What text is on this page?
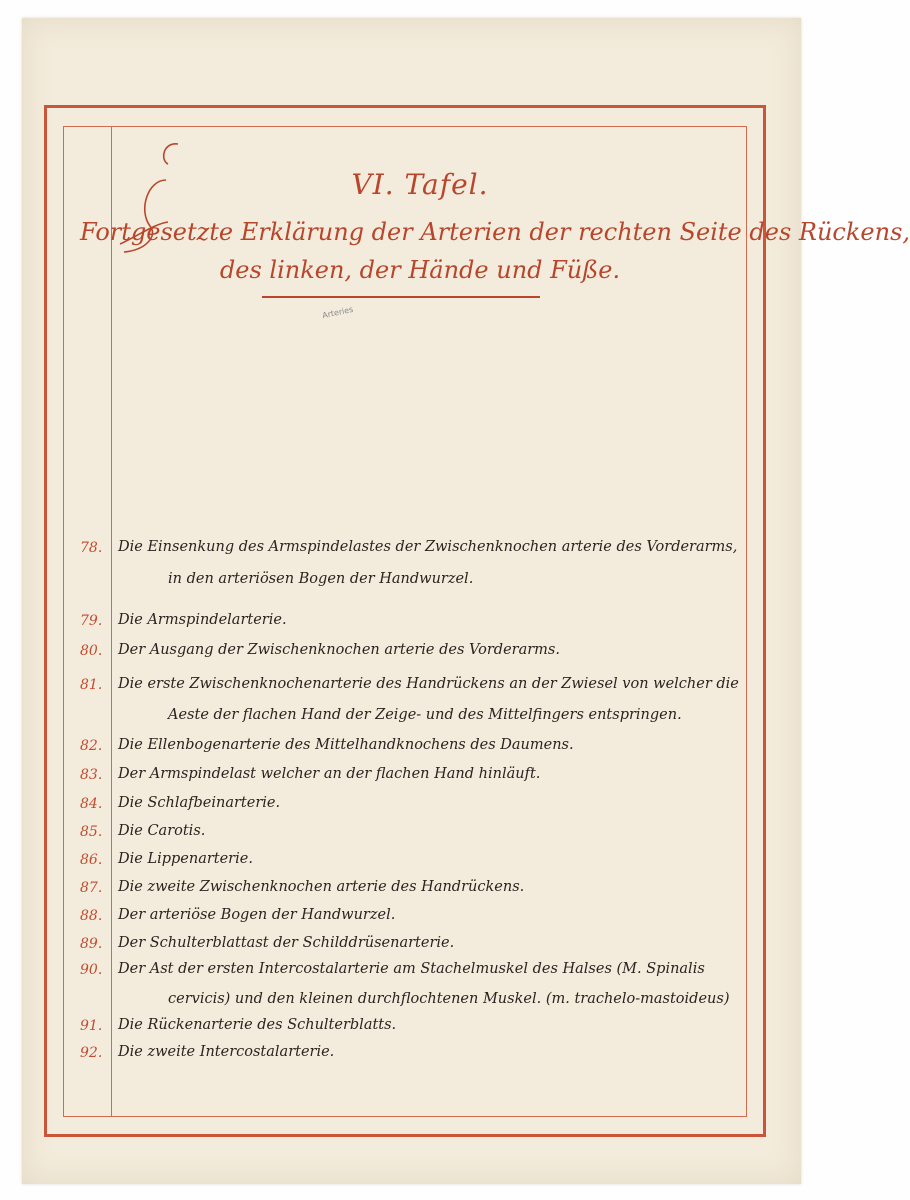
VI. Tafel.
Fortgesetzte Erklärung der Arterien der rechten Seite des Rückens,
des linken, der Hände und Füße.
Arteries
78.	Die Einsenkung des Armspindelastes der Zwischenknochen arterie des Vorderarms,
in den arteriösen Bogen der Handwurzel.
79.	Die Armspindelarterie.
80.	Der Ausgang der Zwischenknochen arterie des Vorderarms.
81.	Die erste Zwischenknochenarterie des Handrückens an der Zwiesel von welcher die
Aeste der flachen Hand der Zeige- und des Mittelfingers entspringen.
82.	Die Ellenbogenarterie des Mittelhandknochens des Daumens.
83.	Der Armspindelast welcher an der flachen Hand hinläuft.
84.	Die Schlafbeinarterie.
85.	Die Carotis.
86.	Die Lippenarterie.
87.	Die zweite Zwischenknochen arterie des Handrückens.
88.	Der arteriöse Bogen der Handwurzel.
89.	Der Schulterblattast der Schilddrüsenarterie.
90.	Der Ast der ersten Intercostalarterie am Stachelmuskel des Halses (M. Spinalis
cervicis) und den kleinen durchflochtenen Muskel. (m. trachelo-mastoideus)
91.	Die Rückenarterie des Schulterblatts.
92.	Die zweite Intercostalarterie.
